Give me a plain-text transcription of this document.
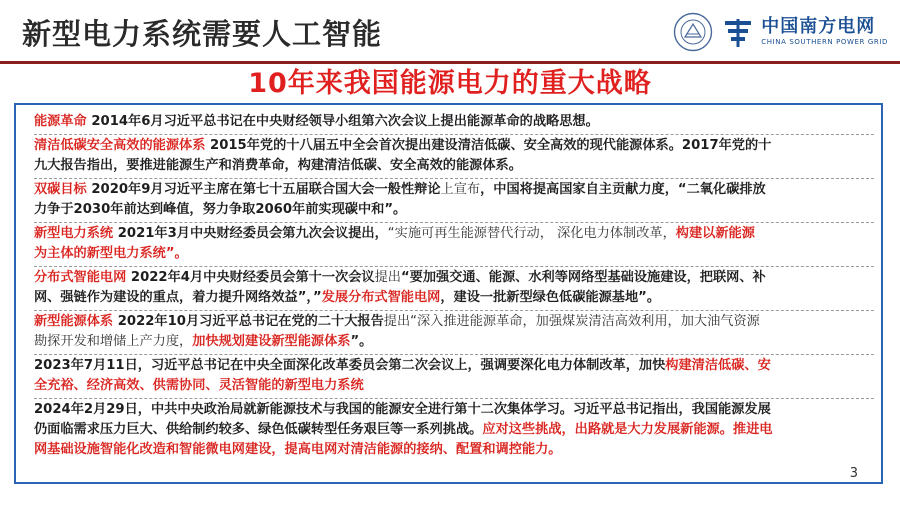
新型电力系统需要人工智能	中国南方电网
CHINA SOUTHERN POWER GRID
10年来我国能源电力的重大战略
能源革命 2014年6月习近平总书记在中央财经领导小组第六次会议上提出能源革命的战略思想。
清洁低碳安全高效的能源体系 2015年党的十八届五中全会首次提出建设清洁低碳、安全高效的现代能源体系。2017年党的十
九大报告指出，要推进能源生产和消费革命，构建清洁低碳、安全高效的能源体系。
双碳目标 2020年9月习近平主席在第七十五届联合国大会一般性辩论上宣布，中国将提高国家自主贡献力度，“二氧化碳排放
力争于2030年前达到峰值，努力争取2060年前实现碳中和”。
新型电力系统 2021年3月中央财经委员会第九次会议提出，“实施可再生能源替代行动， 深化电力体制改革，构建以新能源
为主体的新型电力系统”。
分布式智能电网 2022年4月中央财经委员会第十一次会议提出“要加强交通、能源、水利等网络型基础设施建设，把联网、补
网、强链作为建设的重点，着力提升网络效益”，”发展分布式智能电网，建设一批新型绿色低碳能源基地”。
新型能源体系 2022年10月习近平总书记在党的二十大报告提出“深入推进能源革命，加强煤炭清洁高效利用，加大油气资源
勘探开发和增储上产力度，加快规划建设新型能源体系”。
2023年7月11日，习近平总书记在中央全面深化改革委员会第二次会议上，强调要深化电力体制改革，加快构建清洁低碳、安
全充裕、经济高效、供需协同、灵活智能的新型电力系统
2024年2月29日，中共中央政治局就新能源技术与我国的能源安全进行第十二次集体学习。习近平总书记指出，我国能源发展
仍面临需求压力巨大、供给制约较多、绿色低碳转型任务艰巨等一系列挑战。应对这些挑战，出路就是大力发展新能源。推进电
网基础设施智能化改造和智能微电网建设，提高电网对清洁能源的接纳、配置和调控能力。
3
